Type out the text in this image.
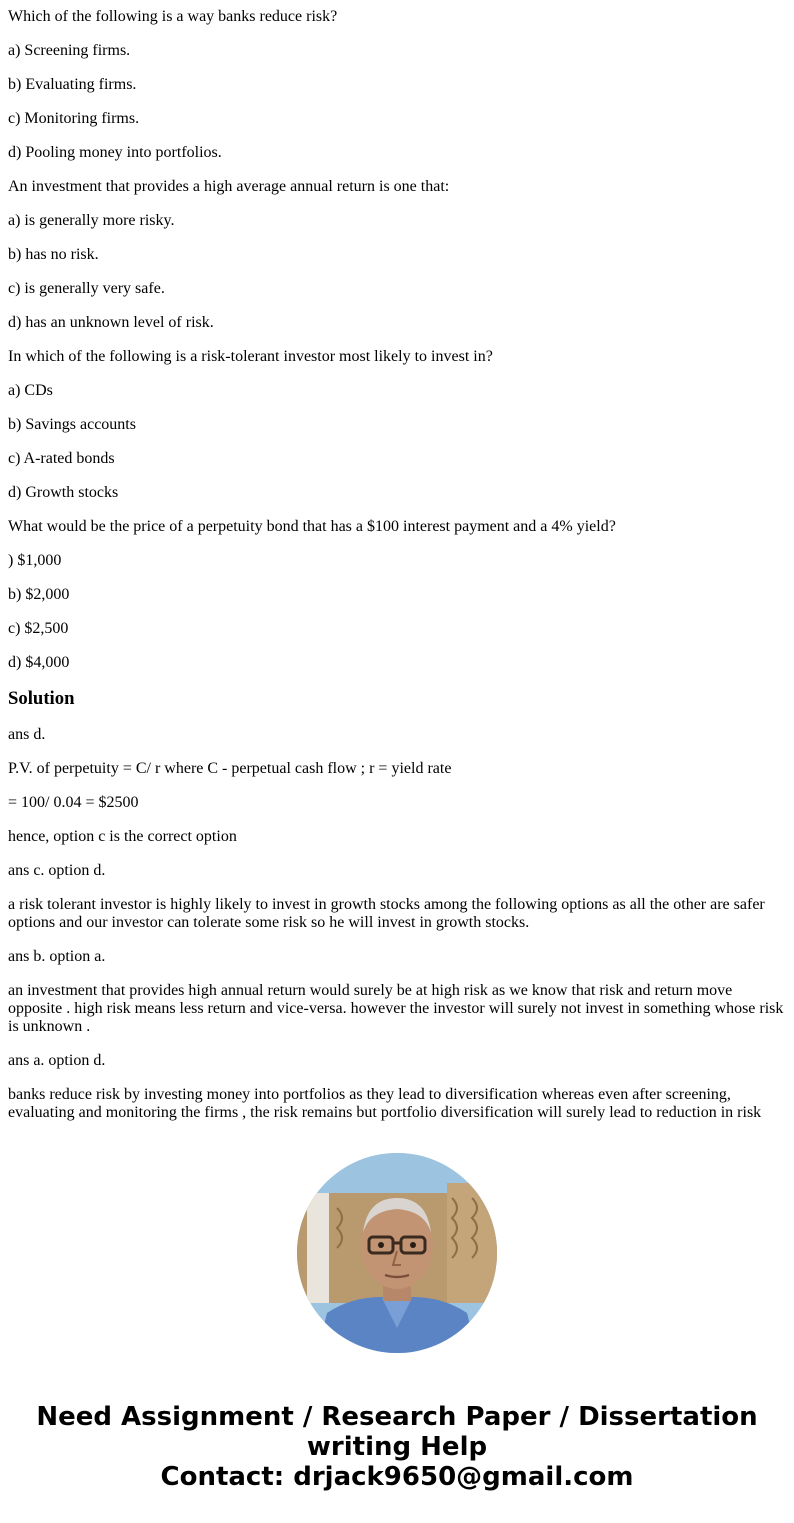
Which of the following is a way banks reduce risk?

a) Screening firms.

b) Evaluating firms.

c) Monitoring firms.

d) Pooling money into portfolios.

An investment that provides a high average annual return is one that:

a) is generally more risky.

b) has no risk.

c) is generally very safe.

d) has an unknown level of risk.

In which of the following is a risk-tolerant investor most likely to invest in?

a) CDs

b) Savings accounts

c) A-rated bonds

d) Growth stocks

What would be the price of a perpetuity bond that has a $100 interest payment and a 4% yield?

) $1,000

b) $2,000

c) $2,500

d) $4,000

Solution

ans d.

P.V. of perpetuity = C/ r where C - perpetual cash flow ; r = yield rate

= 100/ 0.04 = $2500

hence, option c is the correct option

ans c. option d.

a risk tolerant investor is highly likely to invest in growth stocks among the following options as all the other are safer options and our investor can tolerate some risk so he will invest in growth stocks.

ans b. option a.

an investment that provides high annual return would surely be at high risk as we know that risk and return move opposite . high risk means less return and vice-versa. however the investor will surely not invest in something whose risk is unknown .

ans a. option d.

banks reduce risk by investing money into portfolios as they lead to diversification whereas even after screening, evaluating and monitoring the firms , the risk remains but portfolio diversification will surely lead to reduction in risk

Need Assignment / Research Paper / Dissertation
writing Help
Contact: drjack9650@gmail.com
